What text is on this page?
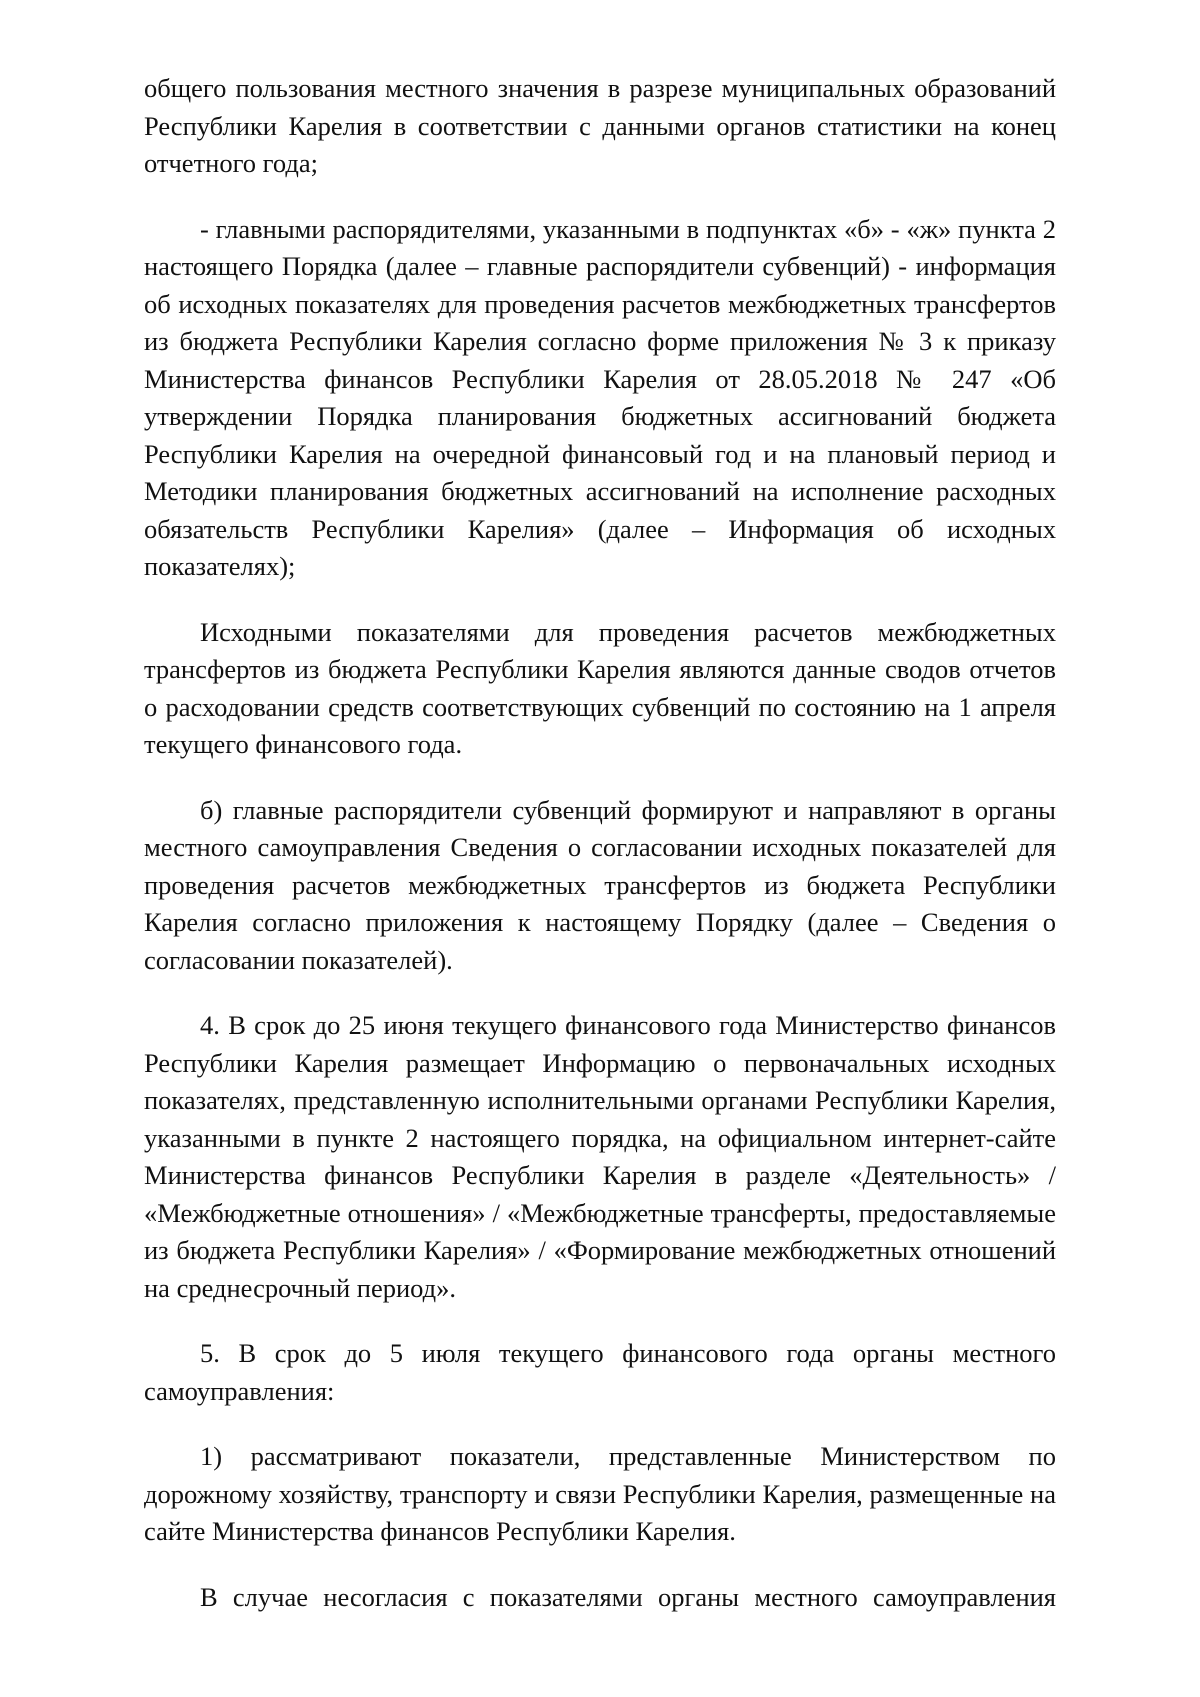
общего пользования местного значения в разрезе муниципальных образований Республики Карелия в соответствии с данными органов статистики на конец отчетного года;

- главными распорядителями, указанными в подпунктах «б» - «ж» пункта 2 настоящего Порядка (далее – главные распорядители субвенций) - информация об исходных показателях для проведения расчетов межбюджетных трансфертов из бюджета Республики Карелия согласно форме приложения № 3 к приказу Министерства финансов Республики Карелия от 28.05.2018 № 247 «Об утверждении Порядка планирования бюджетных ассигнований бюджета Республики Карелия на очередной финансовый год и на плановый период и Методики планирования бюджетных ассигнований на исполнение расходных обязательств Республики Карелия» (далее – Информация об исходных показателях);

Исходными показателями для проведения расчетов межбюджетных трансфертов из бюджета Республики Карелия являются данные сводов отчетов о расходовании средств соответствующих субвенций по состоянию на 1 апреля текущего финансового года.

б) главные распорядители субвенций формируют и направляют в органы местного самоуправления Сведения о согласовании исходных показателей для проведения расчетов межбюджетных трансфертов из бюджета Республики Карелия согласно приложения к настоящему Порядку (далее – Сведения о согласовании показателей).

4. В срок до 25 июня текущего финансового года Министерство финансов Республики Карелия размещает Информацию о первоначальных исходных показателях, представленную исполнительными органами Республики Карелия, указанными в пункте 2 настоящего порядка, на официальном интернет-сайте Министерства финансов Республики Карелия в разделе «Деятельность» / «Межбюджетные отношения» / «Межбюджетные трансферты, предоставляемые из бюджета Республики Карелия» / «Формирование межбюджетных отношений на среднесрочный период».

5. В срок до 5 июля текущего финансового года органы местного самоуправления:

1) рассматривают показатели, представленные Министерством по дорожному хозяйству, транспорту и связи Республики Карелия, размещенные на сайте Министерства финансов Республики Карелия.

В случае несогласия с показателями органы местного самоуправления
